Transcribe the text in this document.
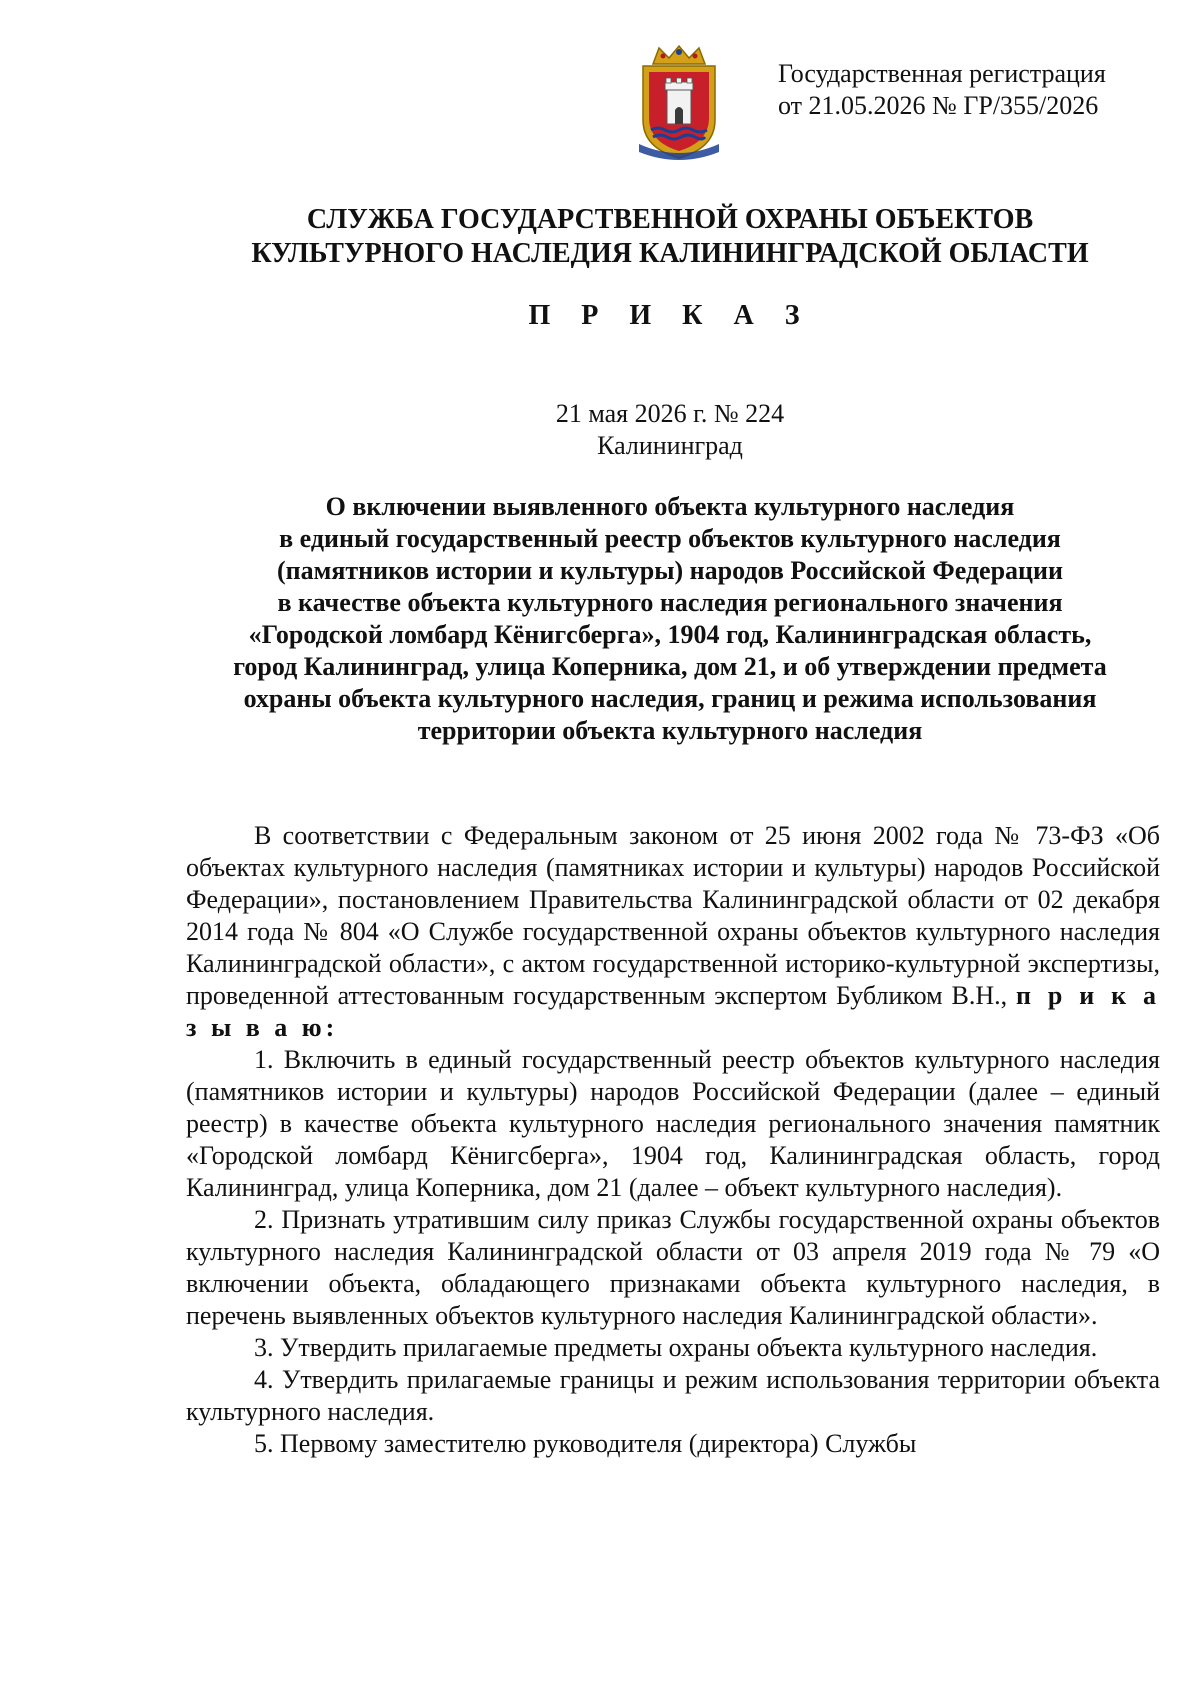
Государственная регистрация
от 21.05.2026 № ГР/355/2026
СЛУЖБА ГОСУДАРСТВЕННОЙ ОХРАНЫ ОБЪЕКТОВ
КУЛЬТУРНОГО НАСЛЕДИЯ КАЛИНИНГРАДСКОЙ ОБЛАСТИ
П Р И К А З
21 мая 2026 г. № 224
Калининград
О включении выявленного объекта культурного наследия
в единый государственный реестр объектов культурного наследия
(памятников истории и культуры) народов Российской Федерации
в качестве объекта культурного наследия регионального значения
«Городской ломбард Кёнигсберга», 1904 год, Калининградская область,
город Калининград, улица Коперника, дом 21, и об утверждении предмета
охраны объекта культурного наследия, границ и режима использования
территории объекта культурного наследия

В соответствии с Федеральным законом от 25 июня 2002 года № 73-ФЗ «Об объектах культурного наследия (памятниках истории и культуры) народов Российской Федерации», постановлением Правительства Калининградской области от 02 декабря 2014 года № 804 «О Службе государственной охраны объектов культурного наследия Калининградской области», с актом государственной историко-культурной экспертизы, проведенной аттестованным государственным экспертом Бубликом В.Н., п р и к а з ы в а ю:

1. Включить в единый государственный реестр объектов культурного наследия (памятников истории и культуры) народов Российской Федерации (далее – единый реестр) в качестве объекта культурного наследия регионального значения памятник «Городской ломбард Кёнигсберга», 1904 год, Калининградская область, город Калининград, улица Коперника, дом 21 (далее – объект культурного наследия).

2. Признать утратившим силу приказ Службы государственной охраны объектов культурного наследия Калининградской области от 03 апреля 2019 года № 79 «О включении объекта, обладающего признаками объекта культурного наследия, в перечень выявленных объектов культурного наследия Калининградской области».

3. Утвердить прилагаемые предметы охраны объекта культурного наследия.

4. Утвердить прилагаемые границы и режим использования территории объекта культурного наследия.

5. Первому заместителю руководителя (директора) Службы
